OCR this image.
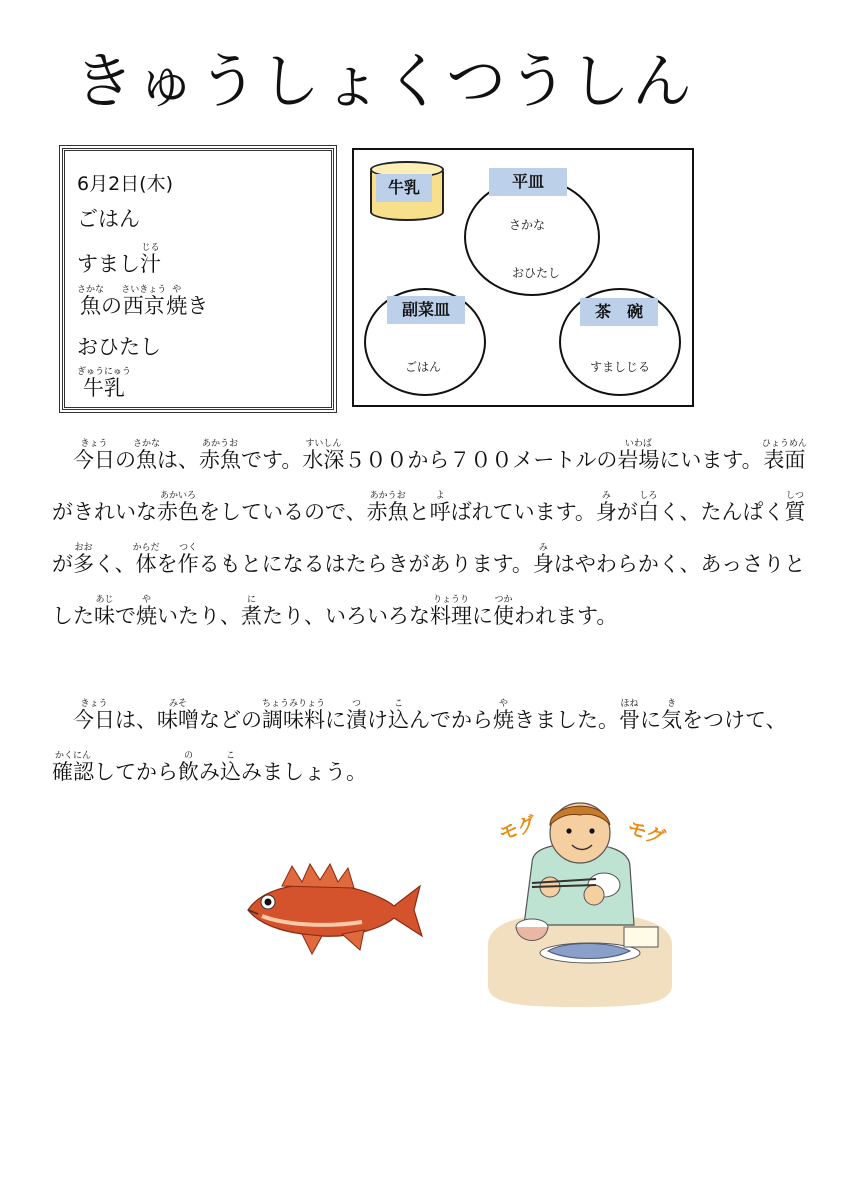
きゅうしょくつうしん
6月2日(木)
ごはん
すまし汁じる
魚さかなの西京さいきょう焼やき
おひたし
牛乳ぎゅうにゅう
牛乳	平皿
さかな
おひたし
副菜皿
ごはん
茶　碗
すましじる
今日きょうの魚さかなは、赤魚あかうおです。水深すいしん５００から７００メートルの岩場いわばにいます。表面ひょうめんがきれいな赤色あかいろをしているので、赤魚あかうおと呼よばれています。身みが白しろく、たんぱく質しつが多おおく、体からだを作つくるもとになるはたらきがあります。身みはやわらかく、あっさりとした味あじで焼やいたり、煮にたり、いろいろな料理りょうりに使つかわれます。
今日きょうは、味噌みそなどの調味料ちょうみりょうに漬つけ込こんでから焼やきました。骨ほねに気きをつけて、確認かくにんしてから飲のみ込こみましょう。
モグ	モグ
